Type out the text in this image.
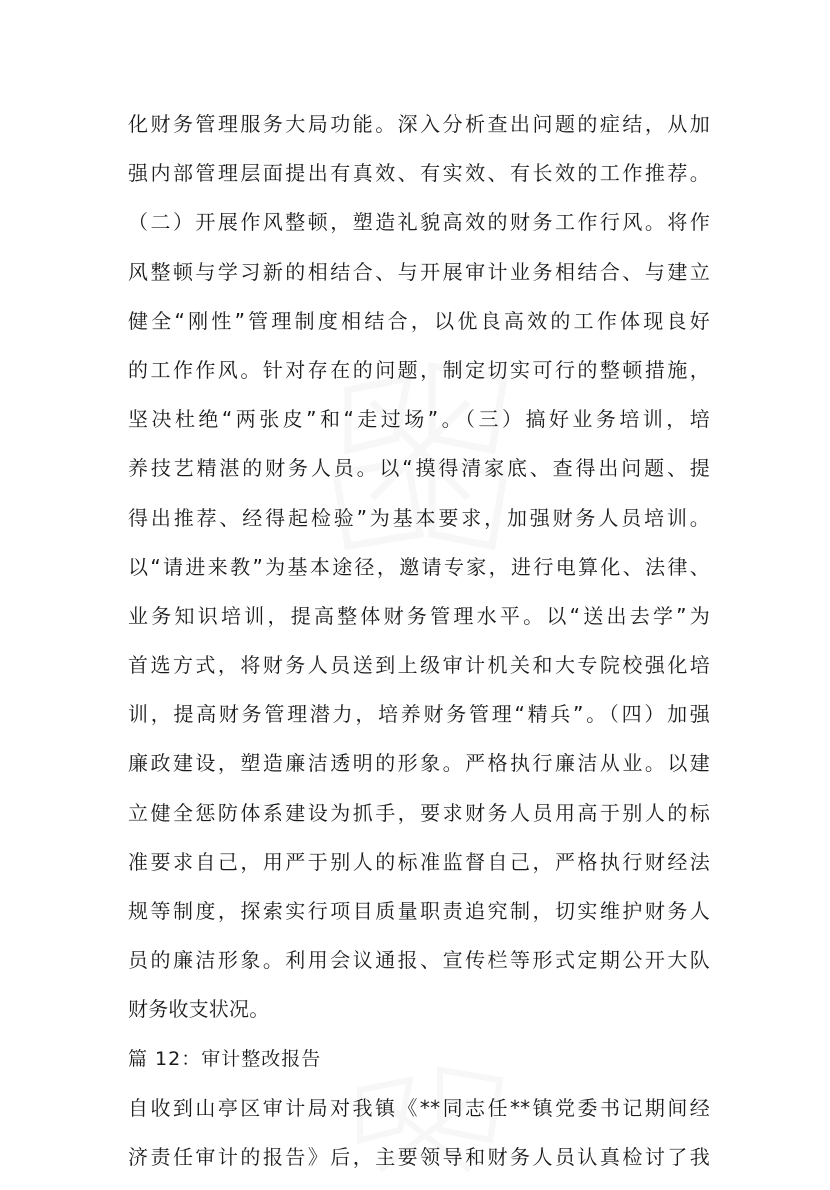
化财务管理服务大局功能。深入分析查出问题的症结，从加
强内部管理层面提出有真效、有实效、有长效的工作推荐。
（二）开展作风整顿，塑造礼貌高效的财务工作行风。将作
风整顿与学习新的相结合、与开展审计业务相结合、与建立
健全“刚性”管理制度相结合，以优良高效的工作体现良好
的工作作风。针对存在的问题，制定切实可行的整顿措施，
坚决杜绝“两张皮”和“走过场”。（三）搞好业务培训，培
养技艺精湛的财务人员。以“摸得清家底、查得出问题、提
得出推荐、经得起检验”为基本要求，加强财务人员培训。
以“请进来教”为基本途径，邀请专家，进行电算化、法律、
业务知识培训，提高整体财务管理水平。以“送出去学”为
首选方式，将财务人员送到上级审计机关和大专院校强化培
训，提高财务管理潜力，培养财务管理“精兵”。（四）加强
廉政建设，塑造廉洁透明的形象。严格执行廉洁从业。以建
立健全惩防体系建设为抓手，要求财务人员用高于别人的标
准要求自己，用严于别人的标准监督自己，严格执行财经法
规等制度，探索实行项目质量职责追究制，切实维护财务人
员的廉洁形象。利用会议通报、宣传栏等形式定期公开大队
财务收支状况。
篇 12：审计整改报告
自收到山亭区审计局对我镇《**同志任**镇党委书记期间经
济责任审计的报告》后，主要领导和财务人员认真检讨了我
